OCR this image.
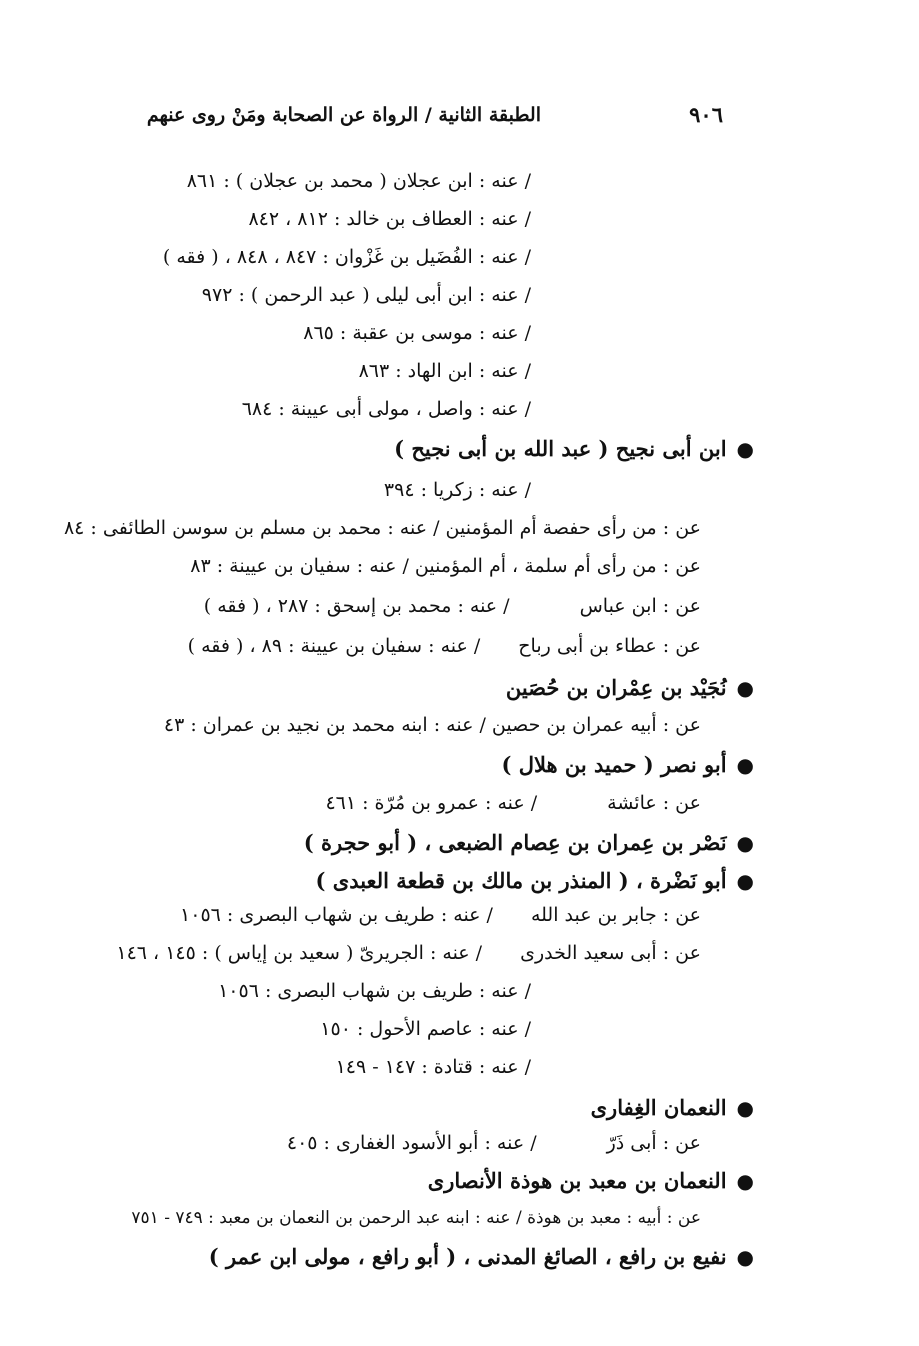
٩٠٦
الطبقة الثانية / الرواة عن الصحابة ومَنْ روى عنهم
/ عنه : ابن عجلان ( محمد بن عجلان ) : ٨٦١
/ عنه : العطاف بن خالد : ٨١٢ ، ٨٤٢
/ عنه : الفُضَيل بن غَزْوان : ٨٤٧ ، ٨٤٨ ، ( فقه )
/ عنه : ابن أبى ليلى ( عبد الرحمن ) : ٩٧٢
/ عنه : موسى بن عقبة : ٨٦٥
/ عنه : ابن الهاد : ٨٦٣
/ عنه : واصل ، مولى أبى عيينة : ٦٨٤
●ابن أبى نجيح ( عبد الله بن أبى نجيح )
/ عنه : زكريا : ٣٩٤
عن : من رأى حفصة أم المؤمنين / عنه : محمد بن مسلم بن سوسن الطائفى : ٨٤
عن : من رأى أم سلمة ، أم المؤمنين / عنه : سفيان بن عيينة : ٨٣
عن : ابن عباس/ عنه : محمد بن إسحق : ٢٨٧ ، ( فقه )
عن : عطاء بن أبى رباح/ عنه : سفيان بن عيينة : ٨٩ ، ( فقه )
●نُجَيْد بن عِمْران بن حُصَين
عن : أبيه عمران بن حصين / عنه : ابنه محمد بن نجيد بن عمران : ٤٣
●أبو نصر ( حميد بن هلال )
عن : عائشة/ عنه : عمرو بن مُرّة : ٤٦١
●نَصْر بن عِمران بن عِصام الضبعى ، ( أبو حجرة )
●أبو نَضْرة ، ( المنذر بن مالك بن قطعة العبدى )
عن : جابر بن عبد الله/ عنه : طريف بن شهاب البصرى : ١٠٥٦
عن : أبى سعيد الخدرى/ عنه : الجريرىّ ( سعيد بن إياس ) : ١٤٥ ، ١٤٦
/ عنه : طريف بن شهاب البصرى : ١٠٥٦
/ عنه : عاصم الأحول : ١٥٠
/ عنه : قتادة : ١٤٧ - ١٤٩
●النعمان الغِفارى
عن : أبى ذَرّ/ عنه : أبو الأسود الغفارى : ٤٠٥
●النعمان بن معبد بن هوذة الأنصارى
عن : أبيه : معبد بن هوذة / عنه : ابنه عبد الرحمن بن النعمان بن معبد : ٧٤٩ - ٧٥١
●نفيع بن رافع ، الصائغ المدنى ، ( أبو رافع ، مولى ابن عمر )
